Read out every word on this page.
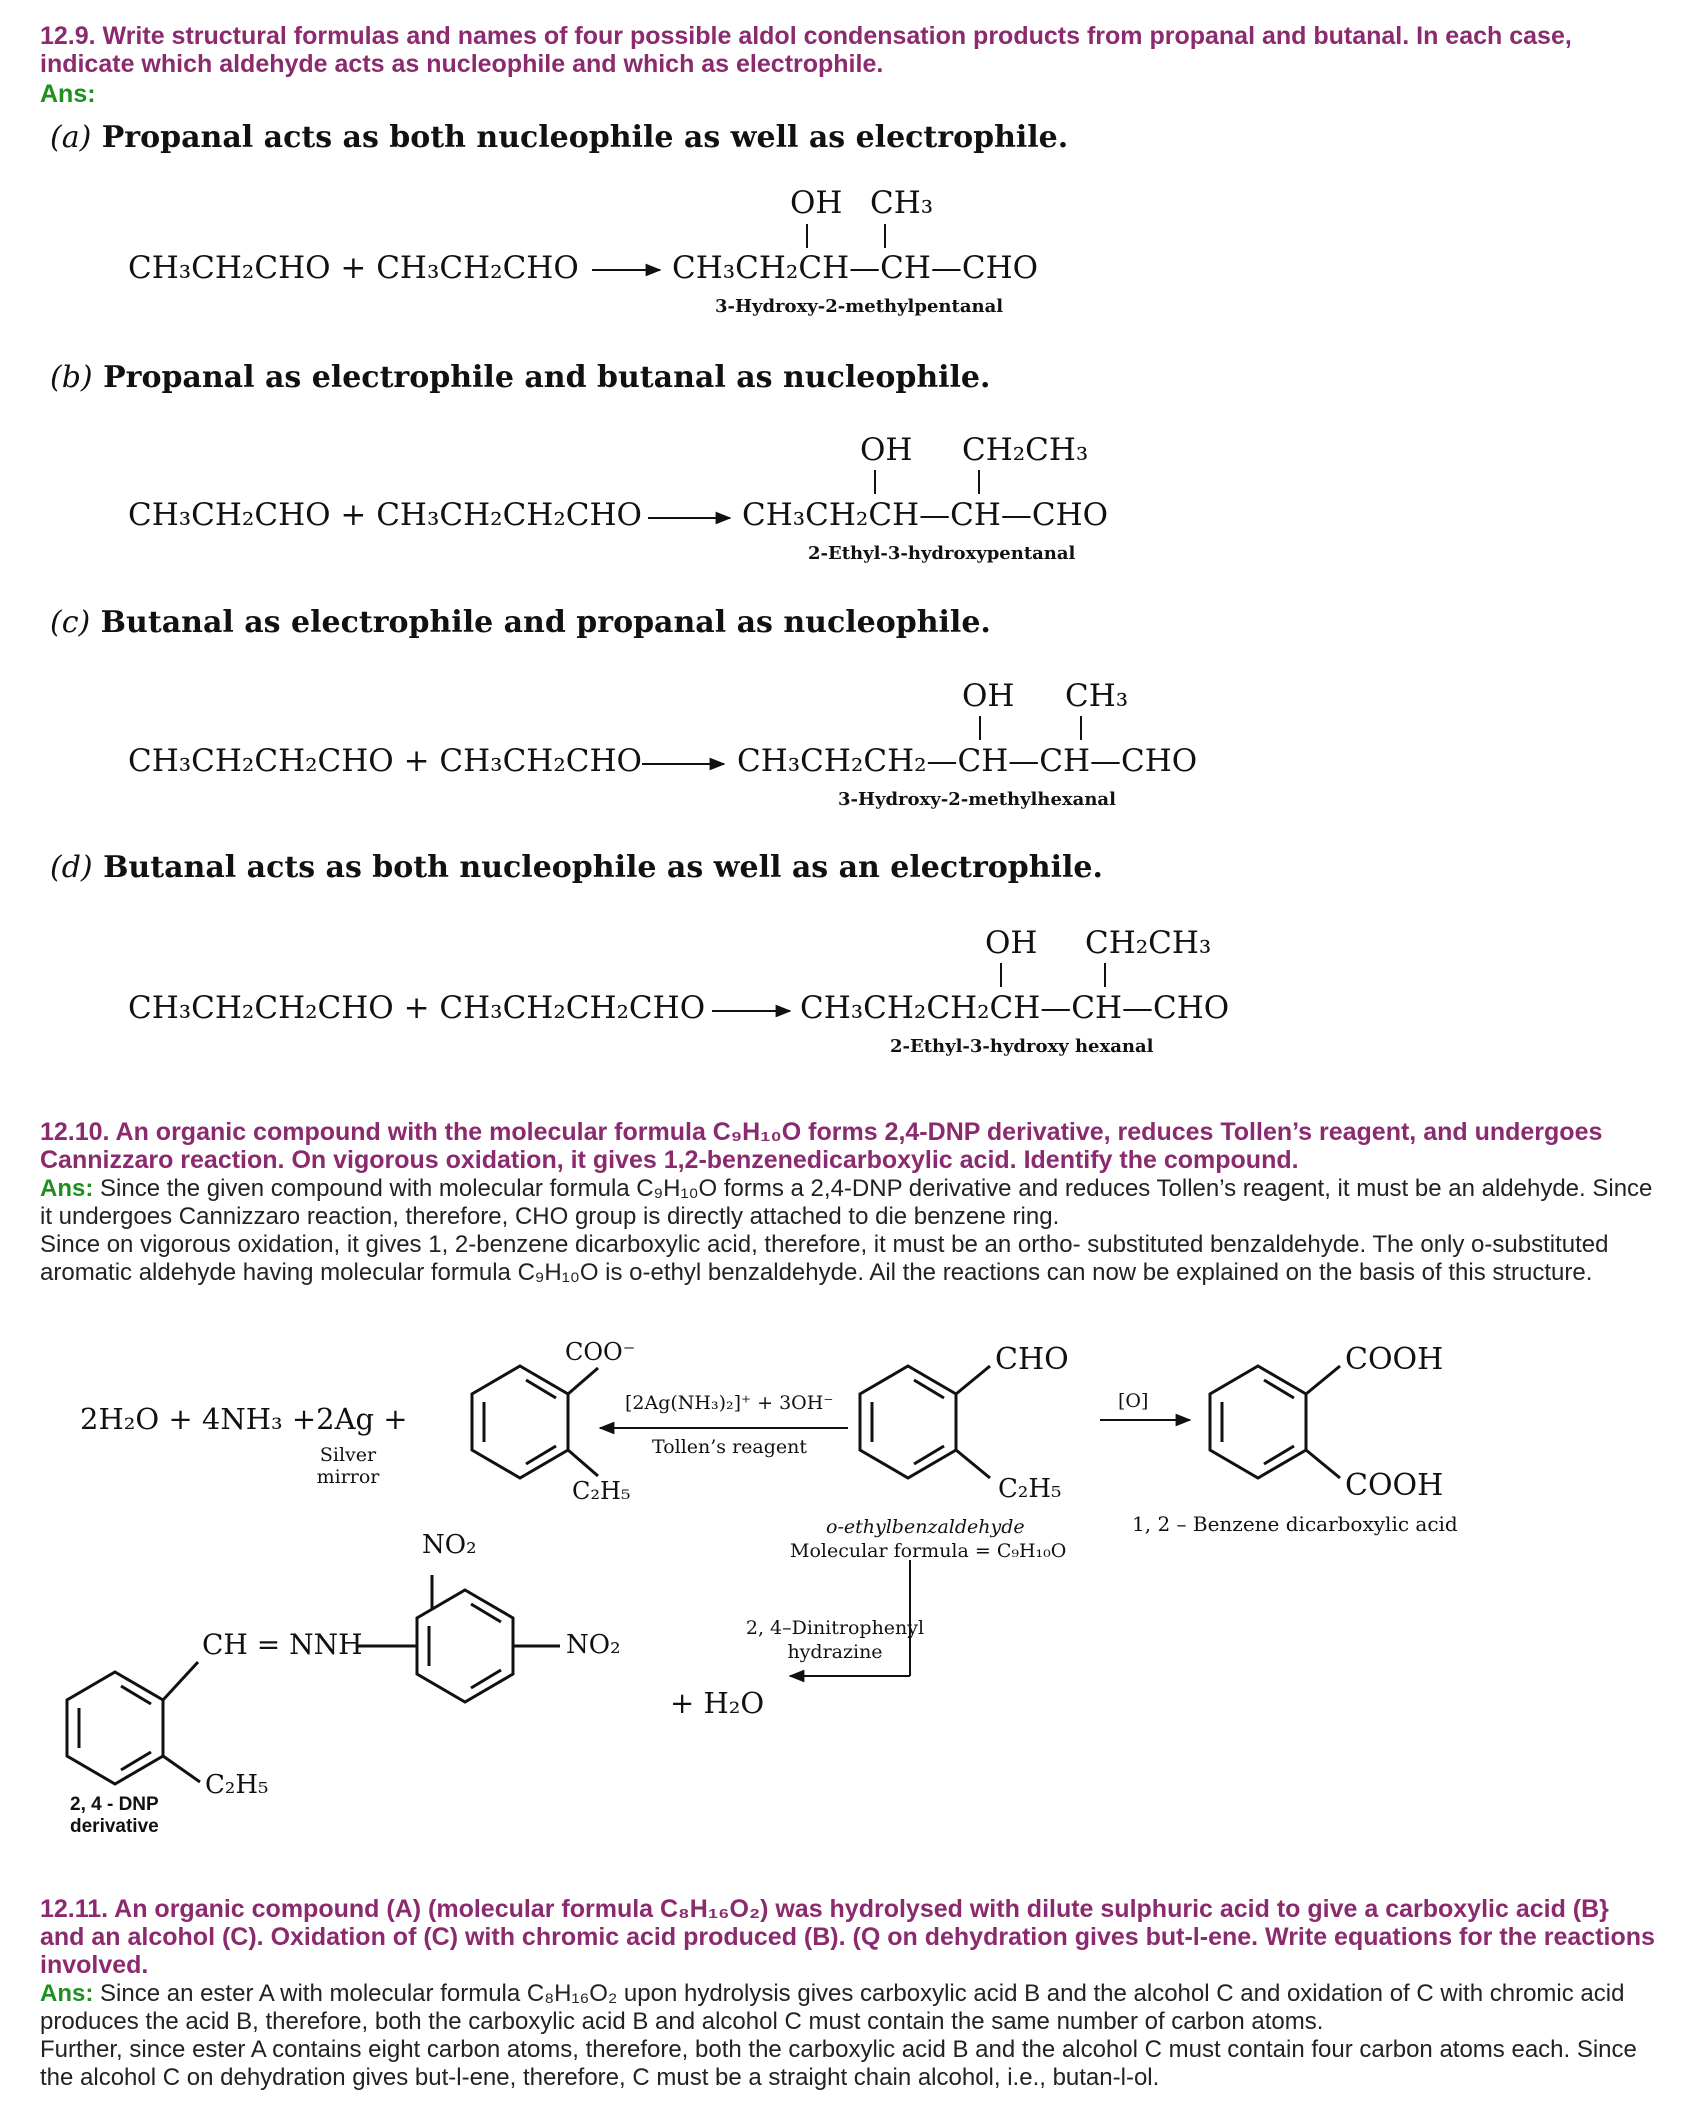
12.9. Write structural formulas and names of four possible aldol condensation products from propanal and butanal. In each case, indicate which aldehyde acts as nucleophile and which as electrophile.
Ans:
(a) Propanal acts as both nucleophile as well as electrophile.
OH CH₃
CH₃CH₂CHO + CH₃CH₂CHO	CH₃CH₂CH—CH—CHO
3-Hydroxy-2-methylpentanal
(b) Propanal as electrophile and butanal as nucleophile.
OH CH₂CH₃
CH₃CH₂CHO + CH₃CH₂CH₂CHO	CH₃CH₂CH—CH—CHO
2-Ethyl-3-hydroxypentanal
(c) Butanal as electrophile and propanal as nucleophile.
OH CH₃
CH₃CH₂CH₂CHO + CH₃CH₂CHO	CH₃CH₂CH₂—CH—CH—CHO
3-Hydroxy-2-methylhexanal
(d) Butanal acts as both nucleophile as well as an electrophile.
OH CH₂CH₃
CH₃CH₂CH₂CHO + CH₃CH₂CH₂CHO	CH₃CH₂CH₂CH—CH—CHO
2-Ethyl-3-hydroxy hexanal
12.10. An organic compound with the molecular formula C₉H₁₀O forms 2,4-DNP derivative, reduces Tollen’s reagent, and undergoes Cannizzaro reaction. On vigorous oxidation, it gives 1,2-benzenedicarboxylic acid. Identify the compound.
Ans: Since the given compound with molecular formula C₉H₁₀O forms a 2,4-DNP derivative and reduces Tollen’s reagent, it must be an aldehyde. Since it undergoes Cannizzaro reaction, therefore, CHO group is directly attached to die benzene ring.
Since on vigorous oxidation, it gives 1, 2-benzene dicarboxylic acid, therefore, it must be an ortho- substituted benzaldehyde. The only o-substituted aromatic aldehyde having molecular formula C₉H₁₀O is o-ethyl benzaldehyde. Ail the reactions can now be explained on the basis of this structure.
2H₂O + 4NH₃ +2Ag +
Silver mirror
COO⁻
C₂H₅
[2Ag(NH₃)₂]⁺ + 3OH⁻
Tollen’s reagent
CHO
C₂H₅
o-ethylbenzaldehyde
Molecular formula = C₉H₁₀O
[O]
COOH
COOH
1, 2 – Benzene dicarboxylic acid
2, 4–Dinitrophenyl hydrazine
+ H₂O
NO₂
NO₂
CH = NNH
C₂H₅
2, 4 - DNP derivative
12.11. An organic compound (A) (molecular formula C₈H₁₆O₂) was hydrolysed with dilute sulphuric acid to give a carboxylic acid (B} and an alcohol (C). Oxidation of (C) with chromic acid produced (B). (Q on dehydration gives but-l-ene. Write equations for the reactions involved.
Ans: Since an ester A with molecular formula C₈H₁₆O₂ upon hydrolysis gives carboxylic acid B and the alcohol C and oxidation of C with chromic acid produces the acid B, therefore, both the carboxylic acid B and alcohol C must contain the same number of carbon atoms.
Further, since ester A contains eight carbon atoms, therefore, both the carboxylic acid B and the alcohol C must contain four carbon atoms each. Since the alcohol C on dehydration gives but-l-ene, therefore, C must be a straight chain alcohol, i.e., butan-l-ol.
